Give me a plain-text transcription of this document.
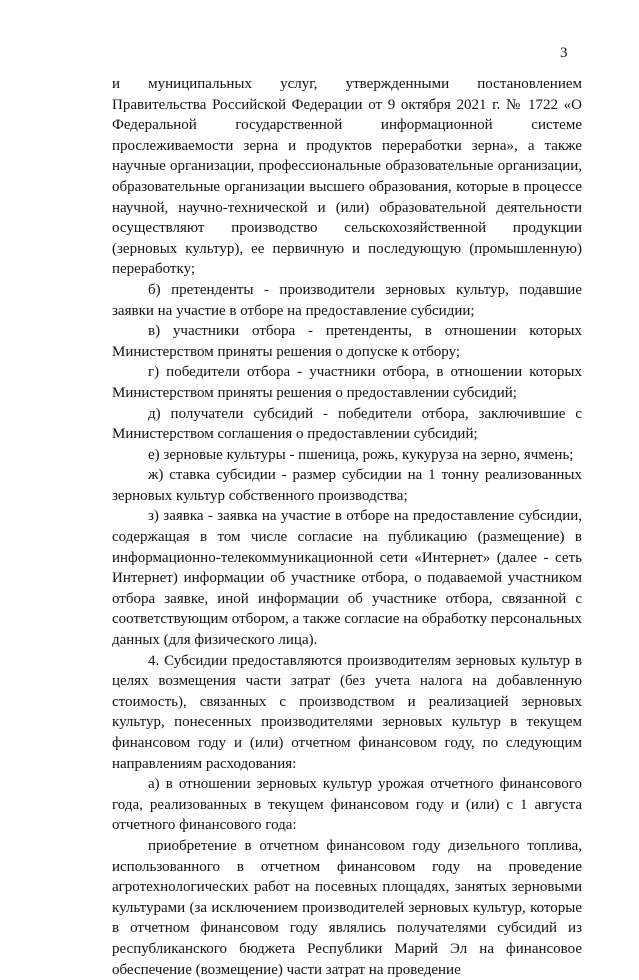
3

и муниципальных услуг, утвержденными постановлением Правительства Российской Федерации от 9 октября 2021 г. № 1722 «О Федеральной государственной информационной системе прослеживаемости зерна и продуктов переработки зерна», а также научные организации, профессиональные образовательные организации, образовательные организации высшего образования, которые в процессе научной, научно-технической и (или) образовательной деятельности осуществляют производство сельскохозяйственной продукции (зерновых культур), ее первичную и последующую (промышленную) переработку;

б) претенденты - производители зерновых культур, подавшие заявки на участие в отборе на предоставление субсидии;

в) участники отбора - претенденты, в отношении которых Министерством приняты решения о допуске к отбору;

г) победители отбора - участники отбора, в отношении которых Министерством приняты решения о предоставлении субсидий;

д) получатели субсидий - победители отбора, заключившие с Министерством соглашения о предоставлении субсидий;

е) зерновые культуры - пшеница, рожь, кукуруза на зерно, ячмень;

ж) ставка субсидии - размер субсидии на 1 тонну реализованных зерновых культур собственного производства;

з) заявка - заявка на участие в отборе на предоставление субсидии, содержащая в том числе согласие на публикацию (размещение) в информационно-телекоммуникационной сети «Интернет» (далее - сеть Интернет) информации об участнике отбора, о подаваемой участником отбора заявке, иной информации об участнике отбора, связанной с соответствующим отбором, а также согласие на обработку персональных данных (для физического лица).

4. Субсидии предоставляются производителям зерновых культур в целях возмещения части затрат (без учета налога на добавленную стоимость), связанных с производством и реализацией зерновых культур, понесенных производителями зерновых культур в текущем финансовом году и (или) отчетном финансовом году, по следующим направлениям расходования:

а) в отношении зерновых культур урожая отчетного финансового года, реализованных в текущем финансовом году и (или) с 1 августа отчетного финансового года:

приобретение в отчетном финансовом году дизельного топлива, использованного в отчетном финансовом году на проведение агротехнологических работ на посевных площадях, занятых зерновыми культурами (за исключением производителей зерновых культур, которые в отчетном финансовом году являлись получателями субсидий из республиканского бюджета Республики Марий Эл на финансовое обеспечение (возмещение) части затрат на проведение
